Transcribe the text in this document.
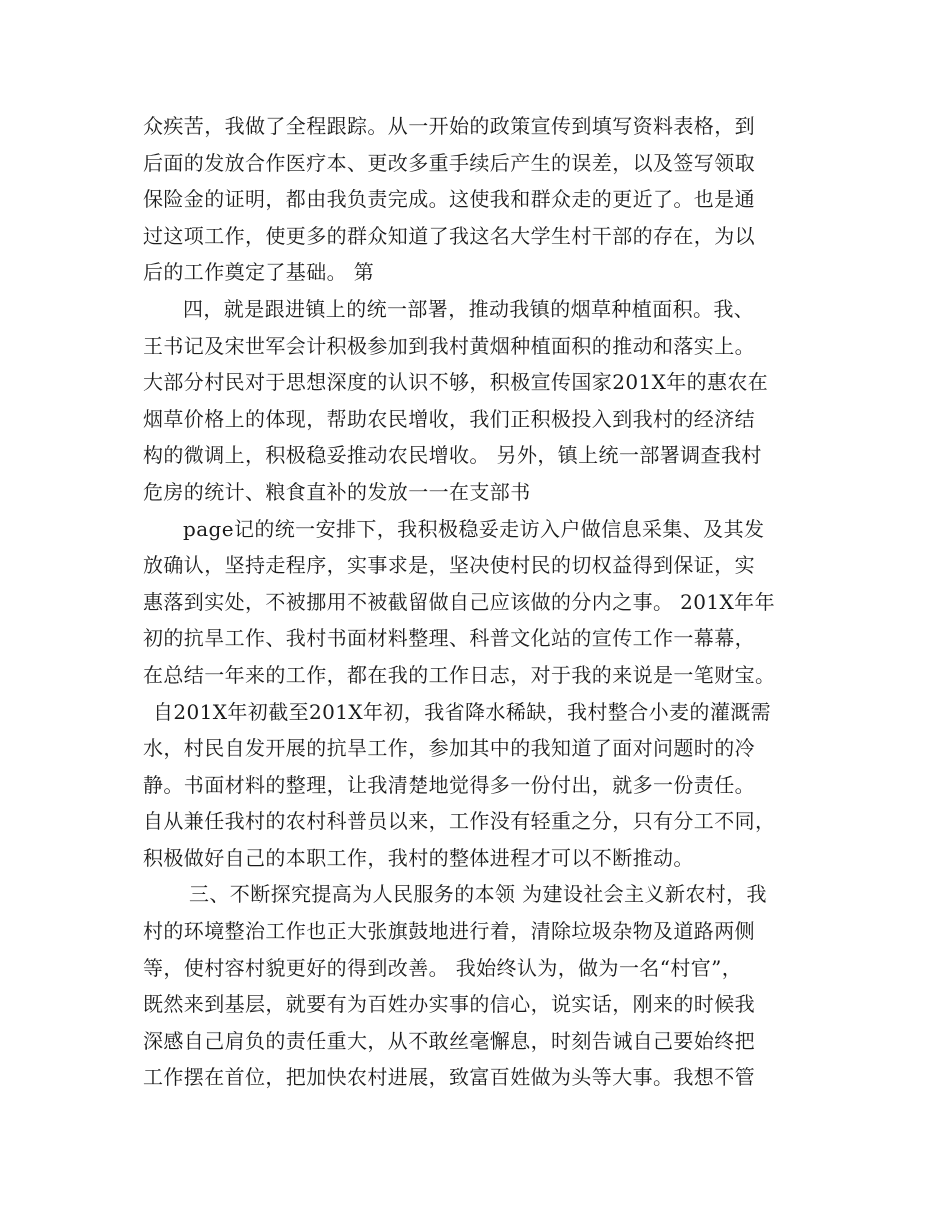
众疾苦，我做了全程跟踪。从一开始的政策宣传到填写资料表格，到
后面的发放合作医疗本、更改多重手续后产生的误差，以及签写领取
保险金的证明，都由我负责完成。这使我和群众走的更近了。也是通
过这项工作，使更多的群众知道了我这名大学生村干部的存在，为以
后的工作奠定了基础。 第
四，就是跟进镇上的统一部署，推动我镇的烟草种植面积。我、
王书记及宋世军会计积极参加到我村黄烟种植面积的推动和落实上。
大部分村民对于思想深度的认识不够，积极宣传国家201X年的惠农在
烟草价格上的体现，帮助农民增收，我们正积极投入到我村的经济结
构的微调上，积极稳妥推动农民增收。 另外，镇上统一部署调查我村
危房的统计、粮食直补的发放一一在支部书
page记的统一安排下，我积极稳妥走访入户做信息采集、及其发
放确认，坚持走程序，实事求是，坚决使村民的切权益得到保证，实
惠落到实处，不被挪用不被截留做自己应该做的分内之事。 201X年年
初的抗旱工作、我村书面材料整理、科普文化站的宣传工作一幕幕，
在总结一年来的工作，都在我的工作日志，对于我的来说是一笔财宝。
自201X年初截至201X年初，我省降水稀缺，我村整合小麦的灌溉需
水，村民自发开展的抗旱工作，参加其中的我知道了面对问题时的冷
静。书面材料的整理，让我清楚地觉得多一份付出，就多一份责任。
自从兼任我村的农村科普员以来，工作没有轻重之分，只有分工不同，
积极做好自己的本职工作，我村的整体进程才可以不断推动。
三、不断探究提高为人民服务的本领 为建设社会主义新农村，我
村的环境整治工作也正大张旗鼓地进行着，清除垃圾杂物及道路两侧
等，使村容村貌更好的得到改善。 我始终认为，做为一名“村官”，
既然来到基层，就要有为百姓办实事的信心，说实话，刚来的时候我
深感自己肩负的责任重大，从不敢丝毫懈息，时刻告诫自己要始终把
工作摆在首位，把加快农村进展，致富百姓做为头等大事。我想不管
